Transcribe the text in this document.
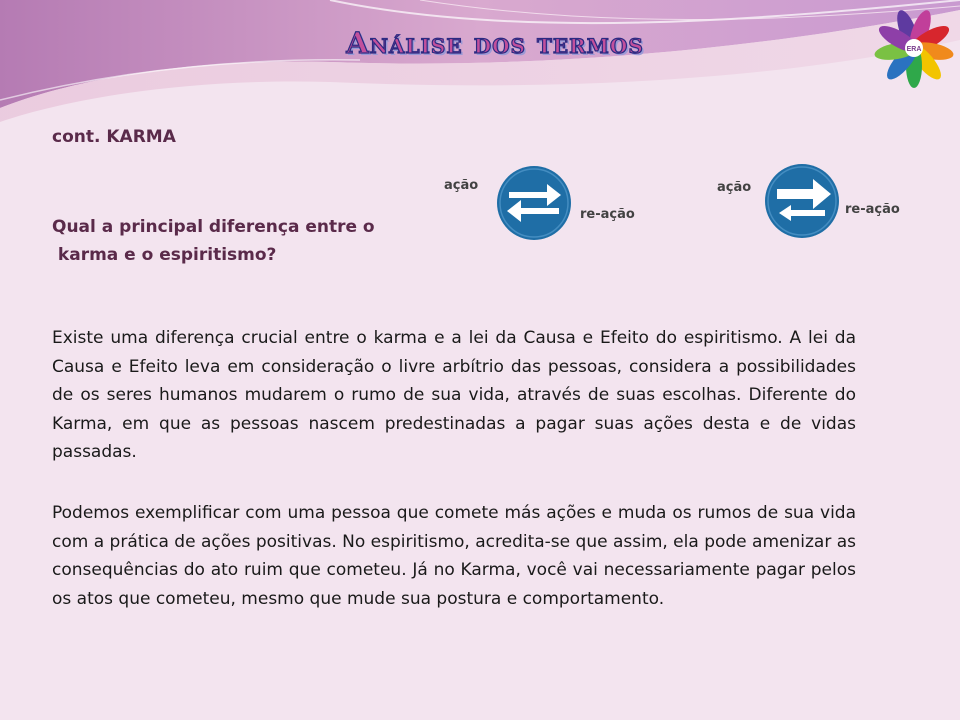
Análise dos termos	ERA
cont. KARMA
Qual a principal diferença entre o
karma e o espiritismo?
ação
re-ação
ação
re-ação

Existe uma diferença crucial entre o karma e a lei da Causa e Efeito do espiritismo. A lei da Causa e Efeito leva em consideração o livre arbítrio das pessoas, considera a possibilidades de os seres humanos mudarem o rumo de sua vida, através de suas escolhas. Diferente do Karma, em que as pessoas nascem predestinadas a pagar suas ações desta e de vidas passadas.

Podemos exemplificar com uma pessoa que comete más ações e muda os rumos de sua vida com a prática de ações positivas. No espiritismo, acredita-se que assim, ela pode amenizar as consequências do ato ruim que cometeu. Já no Karma, você vai necessariamente pagar pelos os atos que cometeu, mesmo que mude sua postura e comportamento.
